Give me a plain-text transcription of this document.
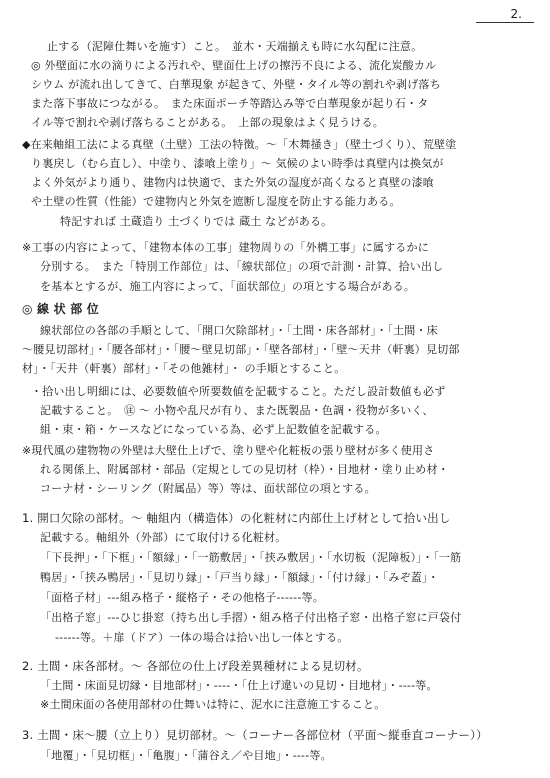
2.
止する（泥障仕舞いを施す）こと。　並木・天端揃えも時に水勾配に注意。
◎ 外壁面に水の滴りによる汚れや、壁面仕上げの擦汚不良による、流化炭酸カル
シウム が流れ出してきて、白華現象 が起きて、外壁・タイル等の割れや剥げ落ち
また落下事故につながる。　また床面ポーチ等踏込み等で白華現象が起り石・タ
イル等で割れや剥げ落ちることがある。　上部の現象はよく見うける。
◆在来軸組工法による真壁（土壁）工法の特徴。〜「木舞掻き」（壁土づくり）、荒壁塗
り裏戻し（むら直し）、中塗り、漆喰上塗り」〜 気候のよい時季は真壁内は換気が
よく外気がより通り、建物内は快適で、また外気の湿度が高くなると真壁の漆喰
や土壁の性質（性能）で建物内と外気を遮断し湿度を防止する能力ある。
特記すれば 土蔵造り 土づくりでは 蔵土 などがある。
※工事の内容によって、「建物本体の工事」建物周りの「外構工事」に属するかに
分別する。　また「特別工作部位」は、「線状部位」の項で計測・計算、拾い出し
を基本とするが、施工内容によって、「面状部位」の項とする場合がある。
◎ 線 状 部 位
線状部位の各部の手順として、「開口欠除部材」・「土間・床各部材」・「土間・床
〜腰見切部材」・「腰各部材」・「腰〜壁見切部」・「壁各部材」・「壁〜天井（軒裏）見切部
材」・「天井（軒裏）部材」・「その他雑材」・ の手順とすること。
・拾い出し明細には、必要数値や所要数値を記載すること。ただし設計数値も必ず
記載すること。　㊟ 〜 小物や乱尺が有り、また既製品・色調・役物が多いく、
組・束・箱・ケースなどになっている為、必ず上記数値を記載する。
※現代風の建物物の外壁は大壁仕上げで、塗り壁や化粧板の張り壁材が多く使用さ
れる関係上、附属部材・部品（定規としての見切材（枠）・目地材・塗り止め材・
コーナ材・シーリング（附属品）等）等は、面状部位の項とする。
1. 開口欠除の部材。〜 軸組内（構造体）の化粧材に内部仕上げ材として拾い出し
記載する。軸組外（外部）にて取付ける化粧材。
「下長押」・「下框」・「額縁」・「一筋敷居」・「挟み敷居」・「水切板（泥障板）」・「一筋
鴨居」・「挟み鴨居」・「見切り縁」・「戸当り縁」・「額縁」・「付け縁」・「みぞ蓋」・
「面格子材」---組み格子・縦格子・その他格子------等。
「出格子窓」---ひじ掛窓（持ち出し手摺）・組み格子付出格子窓・出格子窓に戸袋付
------等。＋扉（ドア）一体の場合は拾い出し一体とする。
2. 土間・床各部材。〜 各部位の仕上げ段差異種材による見切材。
「土間・床面見切縁・目地部材」・----・「仕上げ違いの見切・目地材」・----等。
※土間床面の各使用部材の仕舞いは特に、泥水に注意施工すること。
3. 土間・床〜腰（立上り）見切部材。〜（コーナー各部位材（平面〜縦垂直コーナー））
「地覆」・「見切框」・「亀腹」・「蒲谷え／や目地」・----等。
